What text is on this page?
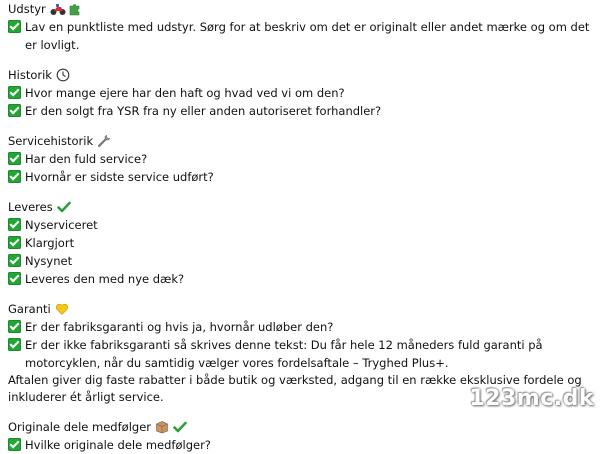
Udstyr
Lav en punktliste med udstyr. Sørg for at beskriv om det er originalt eller andet mærke og om det er lovligt.
Historik
Hvor mange ejere har den haft og hvad ved vi om den?
Er den solgt fra YSR fra ny eller anden autoriseret forhandler?
Servicehistorik
Har den fuld service?
Hvornår er sidste service udført?
Leveres
Nyserviceret
Klargjort
Nysynet
Leveres den med nye dæk?
Garanti
Er der fabriksgaranti og hvis ja, hvornår udløber den?
Er der ikke fabriksgaranti så skrives denne tekst: Du får hele 12 måneders fuld garanti på motorcyklen, når du samtidig vælger vores fordelsaftale – Tryghed Plus+.
Aftalen giver dig faste rabatter i både butik og værksted, adgang til en række eksklusive fordele og inkluderer ét årligt service.
Originale dele medfølger
Hvilke originale dele medfølger?
123mc.dk
